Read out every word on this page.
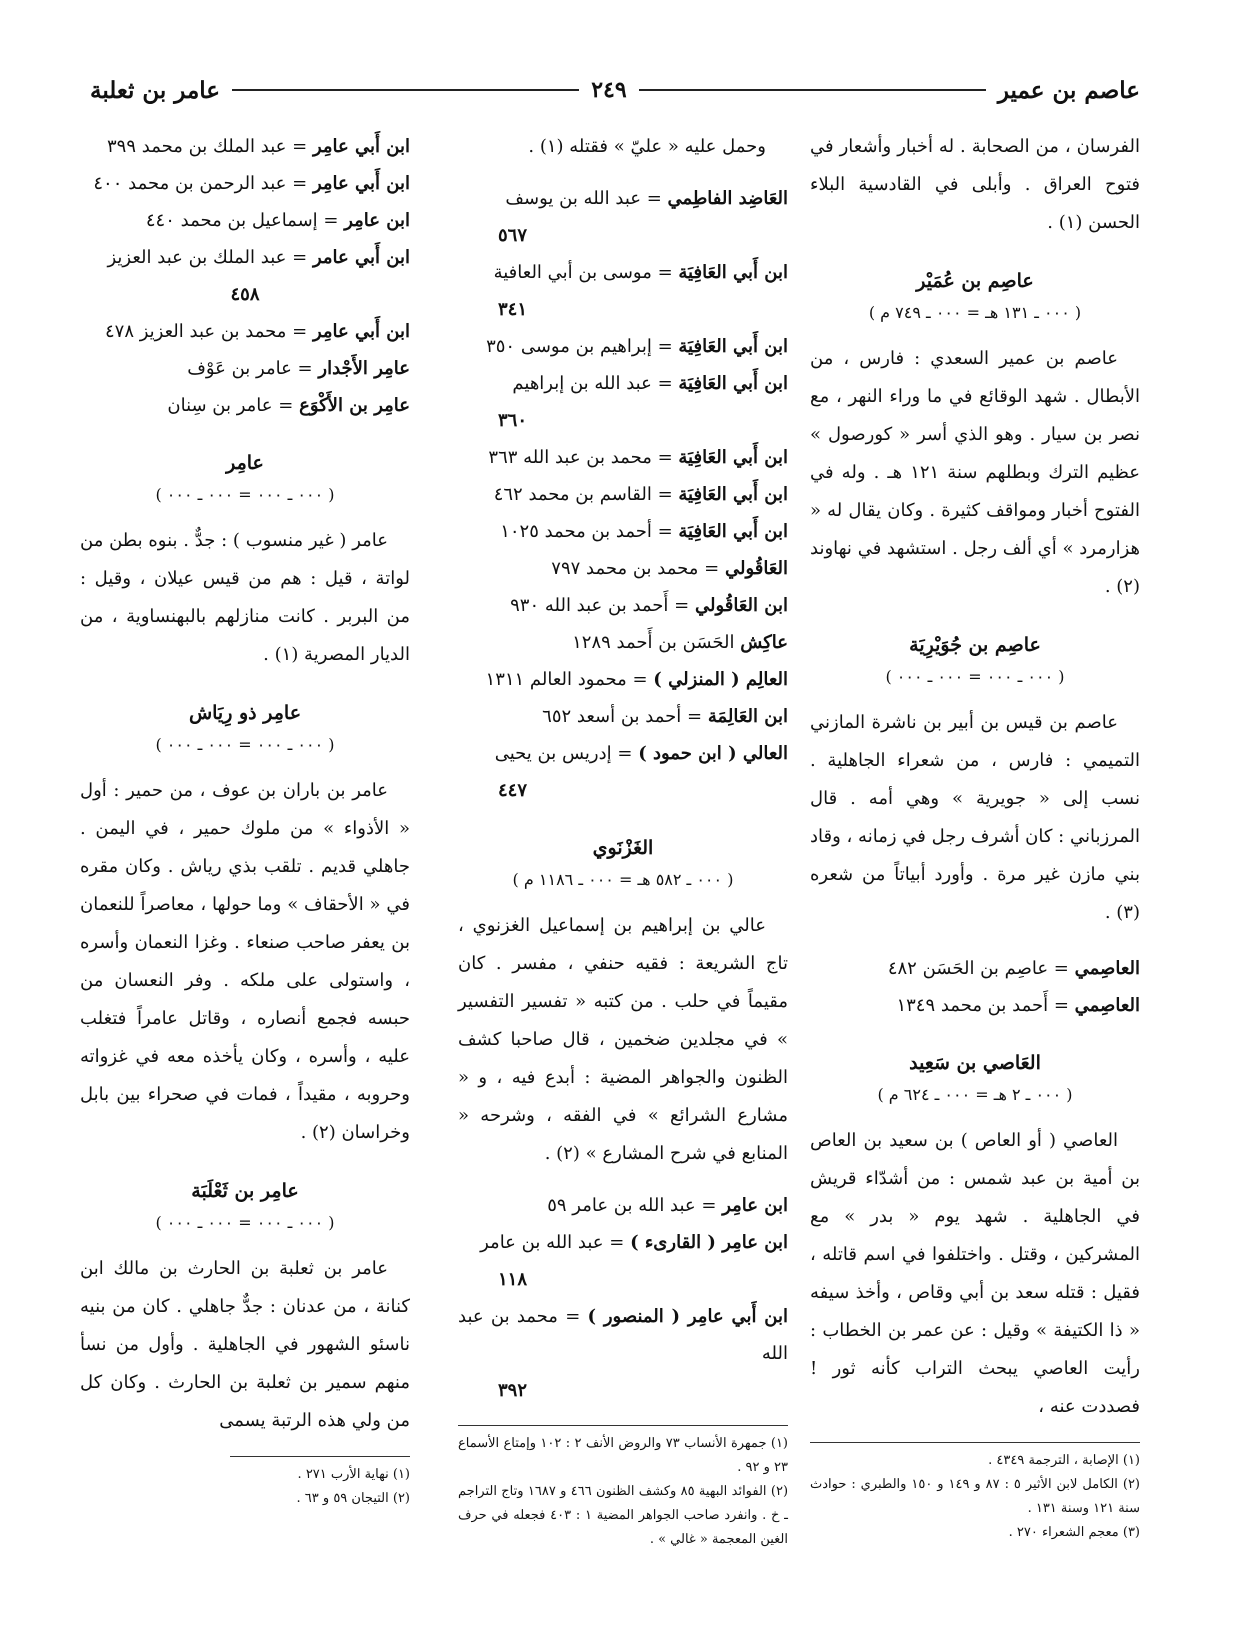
عاصم بن عمير
٢٤٩
عامر بن ثعلبة

الفرسان ، من الصحابة . له أخبار وأشعار في فتوح العراق . وأبلى في القادسية البلاء الحسن (١) .

عاصِم بن عُمَيْر
( ٠٠٠ ـ ١٣١ هـ = ٠٠٠ ـ ٧٤٩ م )

عاصم بن عمير السعدي : فارس ، من الأبطال . شهد الوقائع في ما وراء النهر ، مع نصر بن سيار . وهو الذي أسر « كورصول » عظيم الترك وبطلهم سنة ١٢١ هـ . وله في الفتوح أخبار ومواقف كثيرة . وكان يقال له « هزارمرد » أي ألف رجل . استشهد في نهاوند (٢) .

عاصِم بن جُوَيْرِيَة
( ٠٠٠ ـ ٠٠٠ = ٠٠٠ ـ ٠٠٠ )

عاصم بن قيس بن أبير بن ناشرة المازني التميمي : فارس ، من شعراء الجاهلية . نسب إلى « جويرية » وهي أمه . قال المرزباني : كان أشرف رجل في زمانه ، وقاد بني مازن غير مرة . وأورد أبياتاً من شعره (٣) .

العاصِمي = عاصِم بن الحَسَن ٤٨٢
العاصِمي = أَحمد بن محمد ١٣٤٩
العَاصي بن سَعِيد
( ٠٠٠ ـ ٢ هـ = ٠٠٠ ـ ٦٢٤ م )

العاصي ( أو العاص ) بن سعيد بن العاص بن أمية بن عبد شمس : من أشدّاء قريش في الجاهلية . شهد يوم « بدر » مع المشركين ، وقتل . واختلفوا في اسم قاتله ، فقيل : قتله سعد بن أبي وقاص ، وأخذ سيفه « ذا الكتيفة » وقيل : عن عمر بن الخطاب : رأيت العاصي يبحث التراب كأنه ثور ! فصددت عنه ،

(١) الإصابة ، الترجمة ٤٣٤٩ .
(٢) الكامل لابن الأثير ٥ : ٨٧ و ١٤٩ و ١٥٠ والطبري : حوادث سنة ١٢١ وسنة ١٣١ .
(٣) معجم الشعراء ٢٧٠ .

وحمل عليه « عليّ » فقتله (١) .

العَاضِد الفاطِمي = عبد الله بن يوسف
٥٦٧
ابن أَبي العَافِيَة = موسى بن أبي العافية
٣٤١
ابن أَبي العَافِيَة = إبراهيم بن موسى ٣٥٠
ابن أَبي العَافِيَة = عبد الله بن إبراهيم
٣٦٠
ابن أَبي العَافِيَة = محمد بن عبد الله ٣٦٣
ابن أَبي العَافِيَة = القاسم بن محمد ٤٦٢
ابن أَبي العَافِيَة = أحمد بن محمد ١٠٢٥
العَاقُولي = محمد بن محمد ٧٩٧
ابن العَاقُولي = أَحمد بن عبد الله ٩٣٠
عاكِش الحَسَن بن أَحمد ١٢٨٩
العالِم ( المنزلي ) = محمود العالم ١٣١١
ابن العَالِمَة = أحمد بن أسعد ٦٥٢
العالي ( ابن حمود ) = إدريس بن يحيى
٤٤٧
الغَزْنَوي
( ٠٠٠ ـ ٥٨٢ هـ = ٠٠٠ ـ ١١٨٦ م )

عالي بن إبراهيم بن إسماعيل الغزنوي ، تاج الشريعة : فقيه حنفي ، مفسر . كان مقيماً في حلب . من كتبه « تفسير التفسير » في مجلدين ضخمين ، قال صاحبا كشف الظنون والجواهر المضية : أبدع فيه ، و « مشارع الشرائع » في الفقه ، وشرحه « المنابع في شرح المشارع » (٢) .

ابن عامِر = عبد الله بن عامر ٥٩
ابن عامِر ( القارىء ) = عبد الله بن عامر
١١٨
ابن أَبي عامِر ( المنصور ) = محمد بن عبد الله
٣٩٢
(١) جمهرة الأنساب ٧٣ والروض الأنف ٢ : ١٠٢ وإمتاع الأسماع ٢٣ و ٩٢ .
(٢) الفوائد البهية ٨٥ وكشف الظنون ٤٦٦ و ١٦٨٧ وتاج التراجم ـ خ . وانفرد صاحب الجواهر المضية ١ : ٤٠٣ فجعله في حرف الغين المعجمة « غالي » .
ابن أَبي عامِر = عبد الملك بن محمد ٣٩٩
ابن أَبي عامِر = عبد الرحمن بن محمد ٤٠٠
ابن عامِر = إسماعيل بن محمد ٤٤٠
ابن أَبي عامر = عبد الملك بن عبد العزيز
٤٥٨
ابن أَبي عامِر = محمد بن عبد العزيز ٤٧٨
عامِر الأَجْدار = عامر بن عَوْف
عامِر بن الأَكْوَع = عامر بن سِنان
عامِر
( ٠٠٠ ـ ٠٠٠ = ٠٠٠ ـ ٠٠٠ )

عامر ( غير منسوب ) : جدٌّ . بنوه بطن من لواتة ، قيل : هم من قيس عيلان ، وقيل : من البربر . كانت منازلهم بالبهنساوية ، من الديار المصرية (١) .

عامِر ذو رِيَاش
( ٠٠٠ ـ ٠٠٠ = ٠٠٠ ـ ٠٠٠ )

عامر بن باران بن عوف ، من حمير : أول « الأذواء » من ملوك حمير ، في اليمن . جاهلي قديم . تلقب بذي رياش . وكان مقره في « الأحقاف » وما حولها ، معاصراً للنعمان بن يعفر صاحب صنعاء . وغزا النعمان وأسره ، واستولى على ملكه . وفر النعسان من حبسه فجمع أنصاره ، وقاتل عامراً فتغلب عليه ، وأسره ، وكان يأخذه معه في غزواته وحروبه ، مقيداً ، فمات في صحراء بين بابل وخراسان (٢) .

عامِر بن ثَعْلَبَة
( ٠٠٠ ـ ٠٠٠ = ٠٠٠ ـ ٠٠٠ )

عامر بن ثعلبة بن الحارث بن مالك ابن كنانة ، من عدنان : جدٌّ جاهلي . كان من بنيه ناسئو الشهور في الجاهلية . وأول من نسأ منهم سمير بن ثعلبة بن الحارث . وكان كل من ولي هذه الرتبة يسمى

(١) نهاية الأرب ٢٧١ .
(٢) التيجان ٥٩ و ٦٣ .
